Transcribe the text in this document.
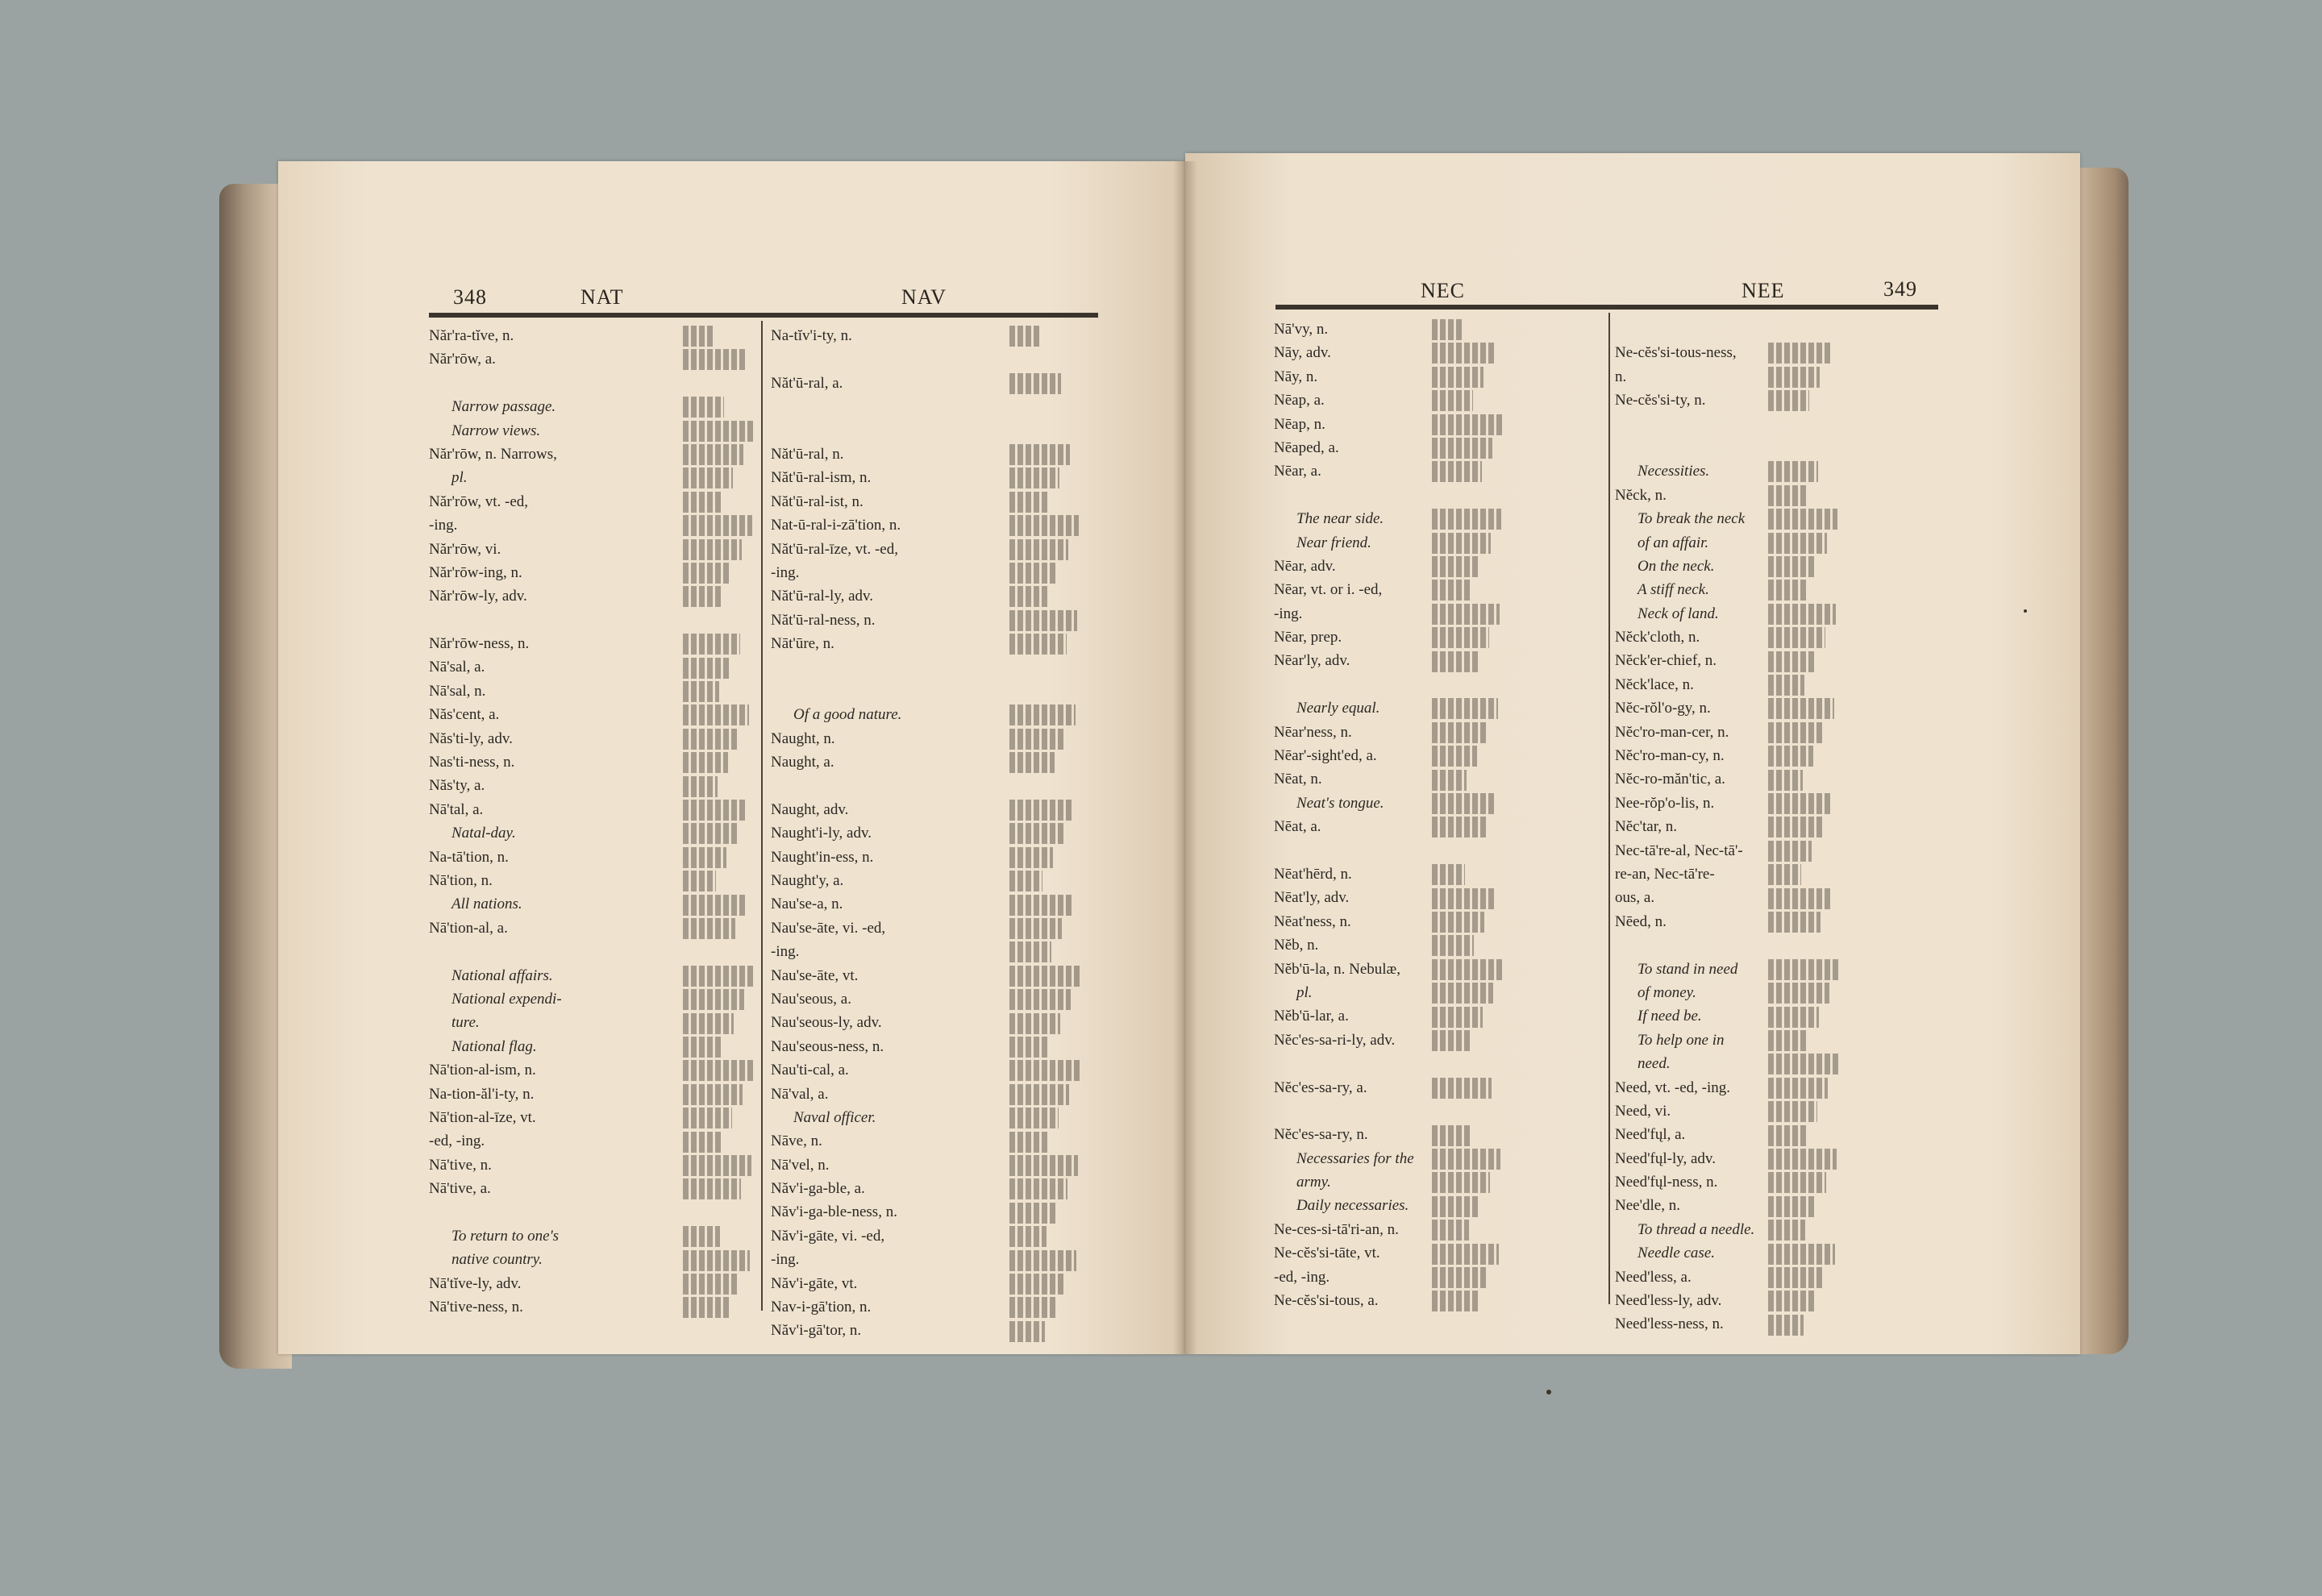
348	NAT	NAV	NEC	NEE	349
Năr'ra-tĭve, n.
Năr'rōw, a.
Narrow passage.
Narrow views.
Năr'rōw, n. Narrows,
pl.
Năr'rōw, vt. -ed,
-ing.
Năr'rōw, vi.
Năr'rōw-ing, n.
Năr'rōw-ly, adv.
Năr'rōw-ness, n.
Nā'sal, a.
Nā'sal, n.
Năs'cent, a.
Năs'ti-ly, adv.
Nas'ti-ness, n.
Năs'ty, a.
Nā'tal, a.
Natal-day.
Na-tā'tion, n.
Nā'tion, n.
All nations.
Nā'tion-al, a.
National affairs.
National expendi-
ture.
National flag.
Nā'tion-al-ism, n.
Na-tion-ăl'i-ty, n.
Nā'tion-al-īze, vt.
-ed, -ing.
Nā'tive, n.
Nā'tive, a.
To return to one's
native country.
Nā'tĭve-ly, adv.
Nā'tive-ness, n.
Na-tĭv'i-ty, n.
Năt'ū-ral, a.
Năt'ū-ral, n.
Năt'ū-ral-ism, n.
Năt'ū-ral-ist, n.
Nat-ū-ral-i-zā'tion, n.
Năt'ū-ral-īze, vt. -ed,
-ing.
Năt'ū-ral-ly, adv.
Năt'ū-ral-ness, n.
Nāt'ūre, n.
Of a good nature.
Naught, n.
Naught, a.
Naught, adv.
Naught'i-ly, adv.
Naught'in-ess, n.
Naught'y, a.
Nau'se-a, n.
Nau'se-āte, vi. -ed,
-ing.
Nau'se-āte, vt.
Nau'seous, a.
Nau'seous-ly, adv.
Nau'seous-ness, n.
Nau'ti-cal, a.
Nā'val, a.
Naval officer.
Nāve, n.
Nā'vel, n.
Năv'i-ga-ble, a.
Năv'i-ga-ble-ness, n.
Năv'i-gāte, vi. -ed,
-ing.
Năv'i-gāte, vt.
Nav-i-gā'tion, n.
Năv'i-gā'tor, n.
Nā'vy, n.
Nāy, adv.
Nāy, n.
Nēap, a.
Nēap, n.
Nēaped, a.
Nēar, a.
The near side.
Near friend.
Nēar, adv.
Nēar, vt. or i. -ed,
-ing.
Nēar, prep.
Nēar'ly, adv.
Nearly equal.
Nēar'ness, n.
Nēar'-sight'ed, a.
Nēat, n.
Neat's tongue.
Nēat, a.
Nēat'hērd, n.
Nēat'ly, adv.
Nēat'ness, n.
Nĕb, n.
Nĕb'ū-la, n. Nebulæ,
pl.
Nĕb'ū-lar, a.
Nĕc'es-sa-ri-ly, adv.
Nĕc'es-sa-ry, a.
Nĕc'es-sa-ry, n.
Necessaries for the
army.
Daily necessaries.
Ne-ces-si-tā'ri-an, n.
Ne-cĕs'si-tāte, vt.
-ed, -ing.
Ne-cĕs'si-tous, a.
Ne-cĕs'si-tous-ness,
n.
Ne-cĕs'si-ty, n.
Necessities.
Nĕck, n.
To break the neck
of an affair.
On the neck.
A stiff neck.
Neck of land.
Nĕck'cloth, n.
Nĕck'er-chief, n.
Nĕck'lace, n.
Nĕc-rŏl'o-gy, n.
Nĕc'ro-man-cer, n.
Nĕc'ro-man-cy, n.
Nĕc-ro-măn'tic, a.
Nee-rŏp'o-lis, n.
Nĕc'tar, n.
Nec-tā're-al, Nec-tā'-
re-an, Nec-tā're-
ous, a.
Nēed, n.
To stand in need
of money.
If need be.
To help one in
need.
Need, vt. -ed, -ing.
Need, vi.
Need'fųl, a.
Need'fųl-ly, adv.
Need'fųl-ness, n.
Nee'dle, n.
To thread a needle.
Needle case.
Need'less, a.
Need'less-ly, adv.
Need'less-ness, n.
